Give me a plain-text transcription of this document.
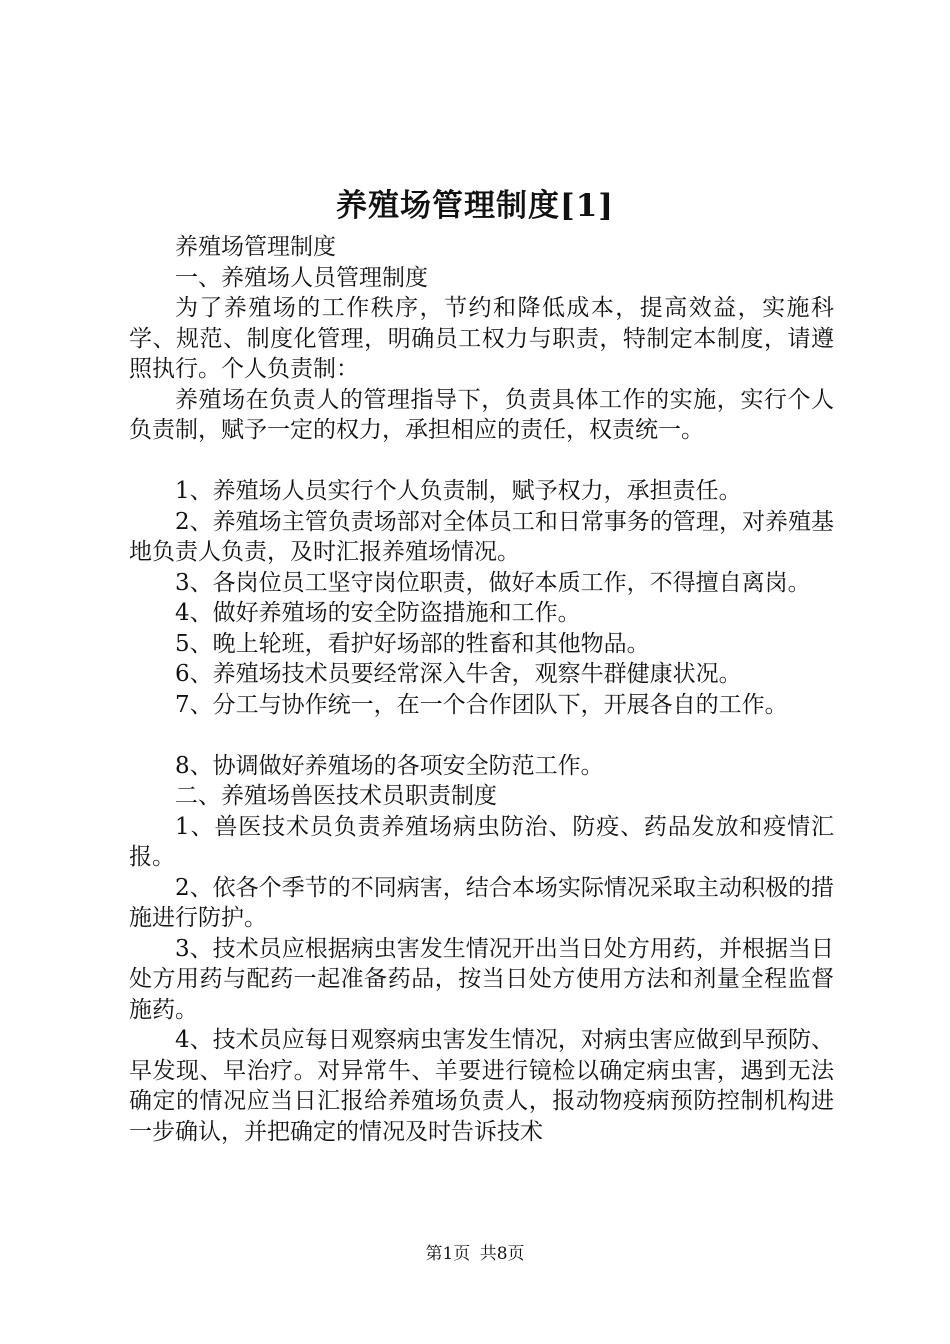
养殖场管理制度[1]

养殖场管理制度

一、养殖场人员管理制度

为了养殖场的工作秩序，节约和降低成本，提高效益，实施科学、规范、制度化管理，明确员工权力与职责，特制定本制度，请遵照执行。个人负责制：

养殖场在负责人的管理指导下，负责具体工作的实施，实行个人负责制，赋予一定的权力，承担相应的责任，权责统一。

1、养殖场人员实行个人负责制，赋予权力，承担责任。

2、养殖场主管负责场部对全体员工和日常事务的管理，对养殖基地负责人负责，及时汇报养殖场情况。

3、各岗位员工坚守岗位职责，做好本质工作，不得擅自离岗。

4、做好养殖场的安全防盗措施和工作。

5、晚上轮班，看护好场部的牲畜和其他物品。

6、养殖场技术员要经常深入牛舍，观察牛群健康状况。

7、分工与协作统一，在一个合作团队下，开展各自的工作。

8、协调做好养殖场的各项安全防范工作。

二、养殖场兽医技术员职责制度

1、兽医技术员负责养殖场病虫防治、防疫、药品发放和疫情汇报。

2、依各个季节的不同病害，结合本场实际情况采取主动积极的措施进行防护。

3、技术员应根据病虫害发生情况开出当日处方用药，并根据当日处方用药与配药一起准备药品，按当日处方使用方法和剂量全程监督施药。

4、技术员应每日观察病虫害发生情况，对病虫害应做到早预防、早发现、早治疗。对异常牛、羊要进行镜检以确定病虫害，遇到无法确定的情况应当日汇报给养殖场负责人，报动物疫病预防控制机构进一步确认，并把确定的情况及时告诉技术

第1页 共8页
